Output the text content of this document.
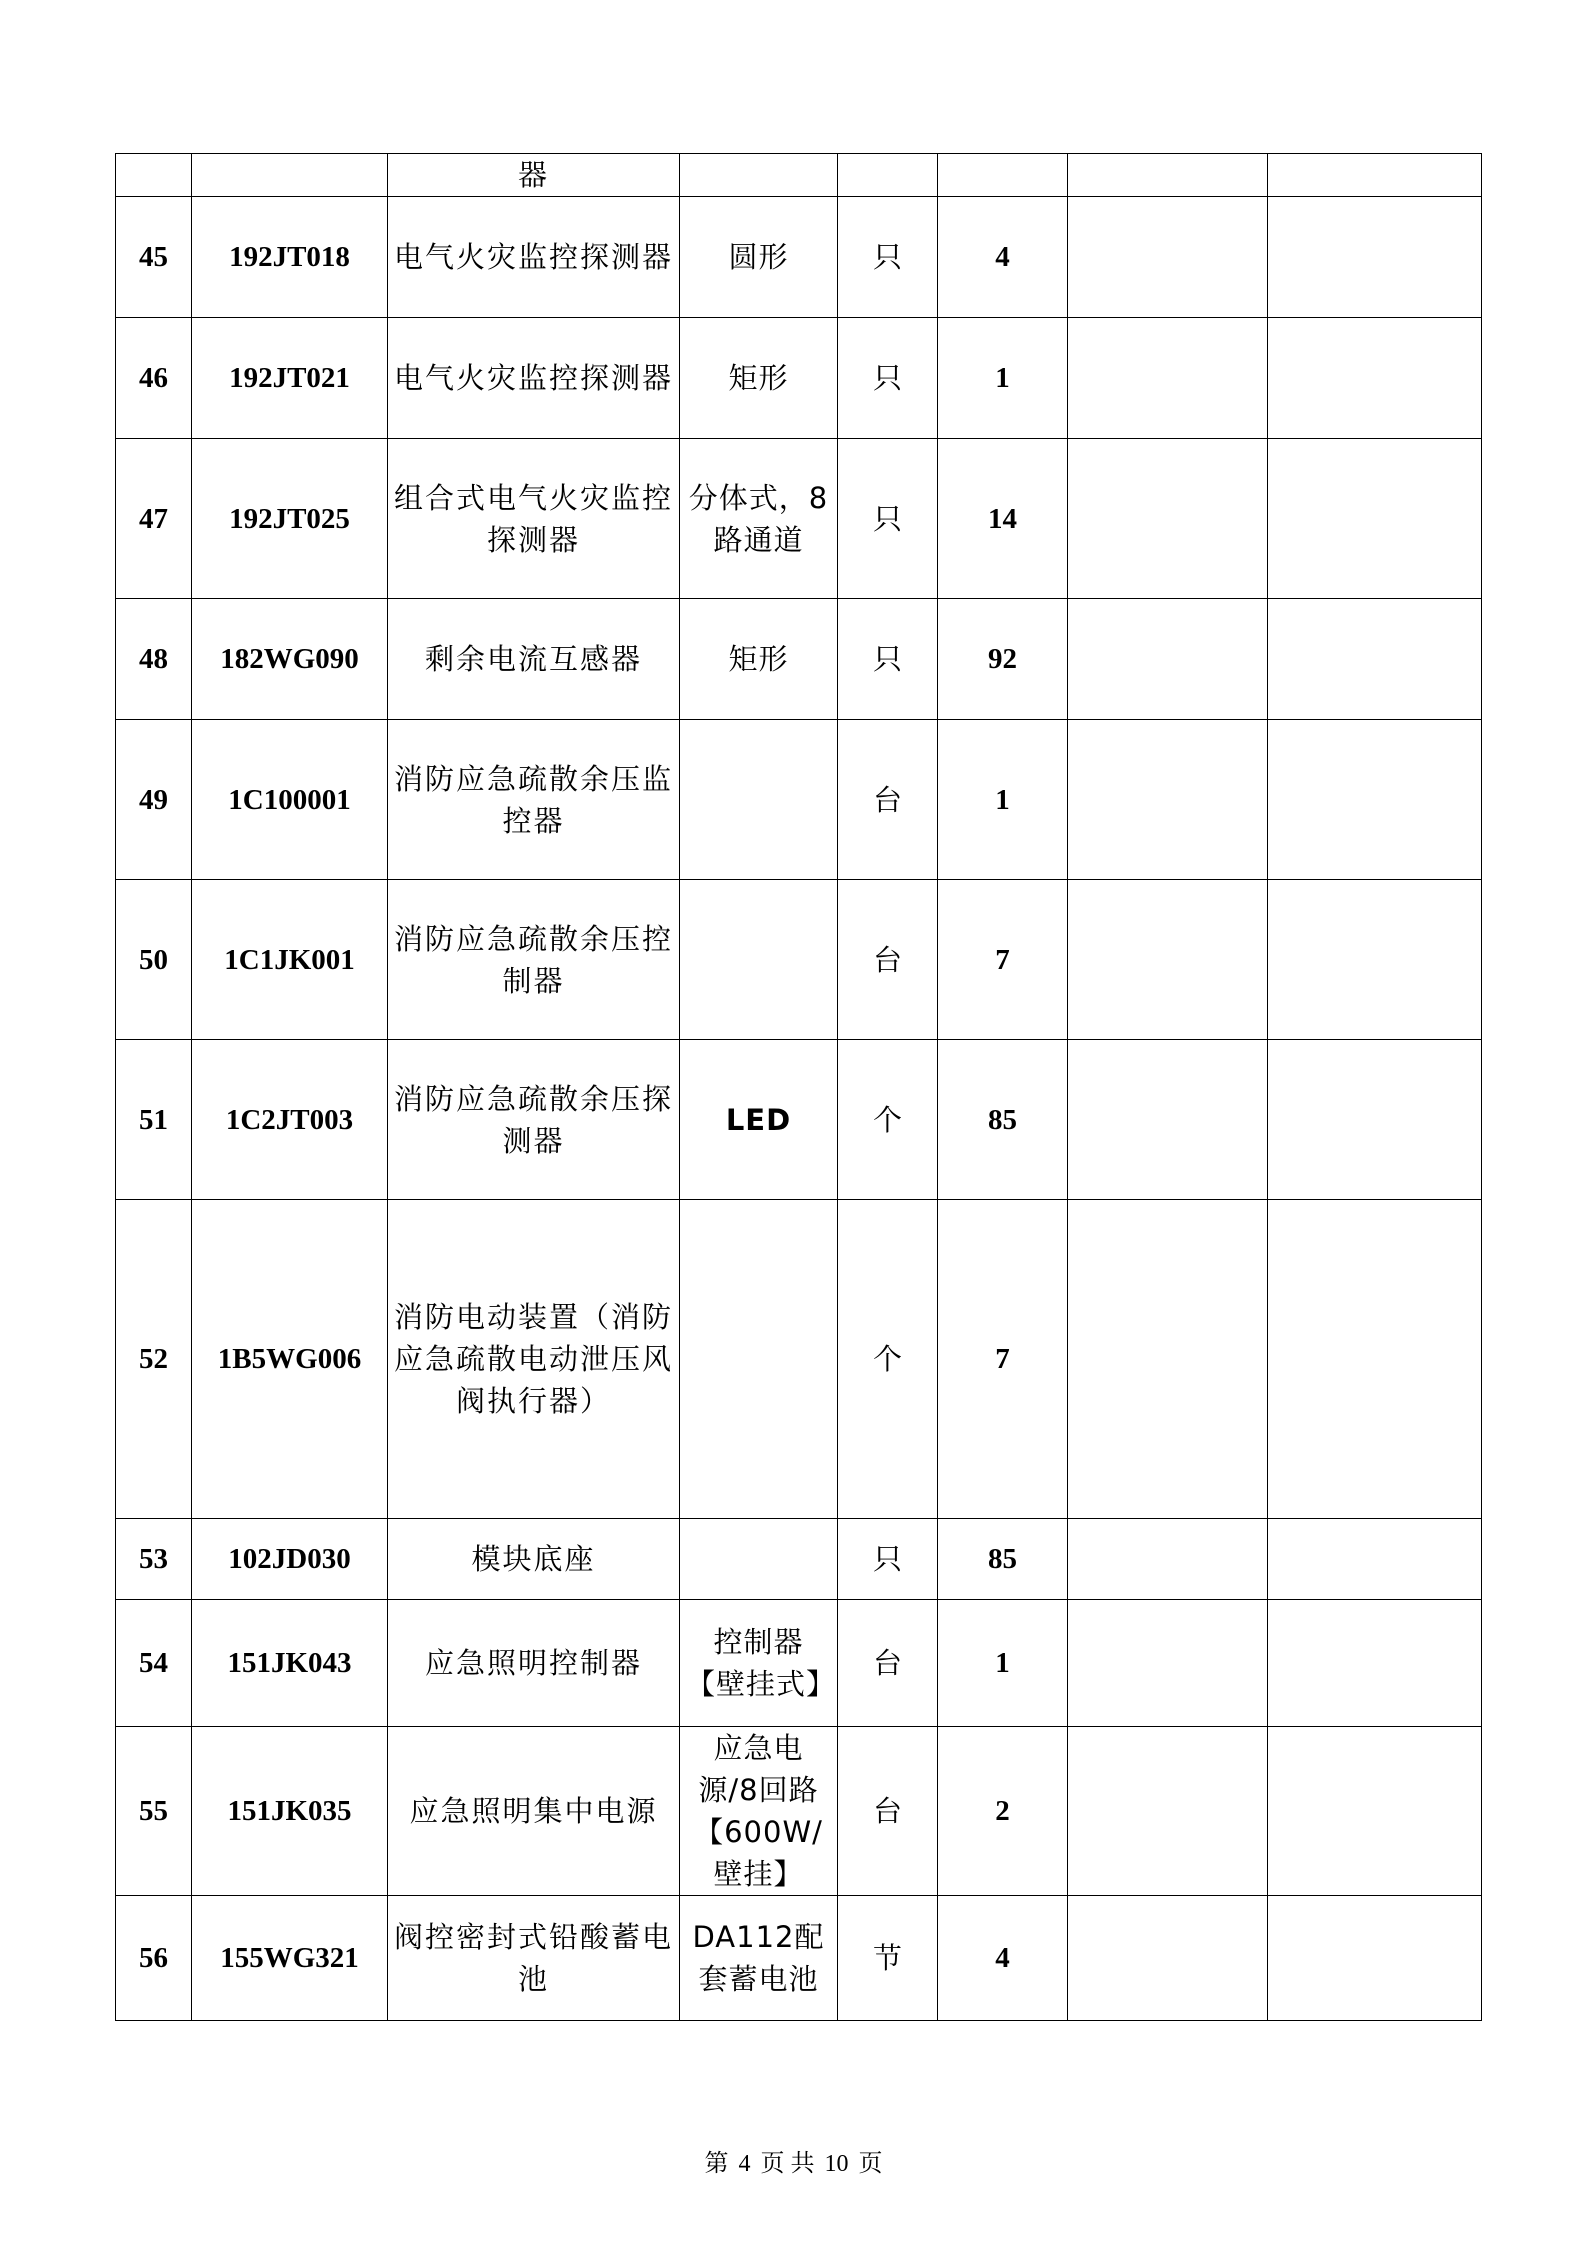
		器					
45	192JT018	电气火灾监控探测器	圆形	只	4		
46	192JT021	电气火灾监控探测器	矩形	只	1		
47	192JT025	组合式电气火灾监控探测器	分体式，8路通道	只	14		
48	182WG090	剩余电流互感器	矩形	只	92		
49	1C100001	消防应急疏散余压监控器		台	1		
50	1C1JK001	消防应急疏散余压控制器		台	7		
51	1C2JT003	消防应急疏散余压探测器	LED	个	85		
52	1B5WG006	消防电动装置（消防应急疏散电动泄压风阀执行器）		个	7		
53	102JD030	模块底座		只	85		
54	151JK043	应急照明控制器	控制器【壁挂式】	台	1		
55	151JK035	应急照明集中电源	应急电源/8回路【600W/壁挂】	台	2		
56	155WG321	阀控密封式铅酸蓄电池	DA112配套蓄电池	节	4		
第 4 页 共 10 页
